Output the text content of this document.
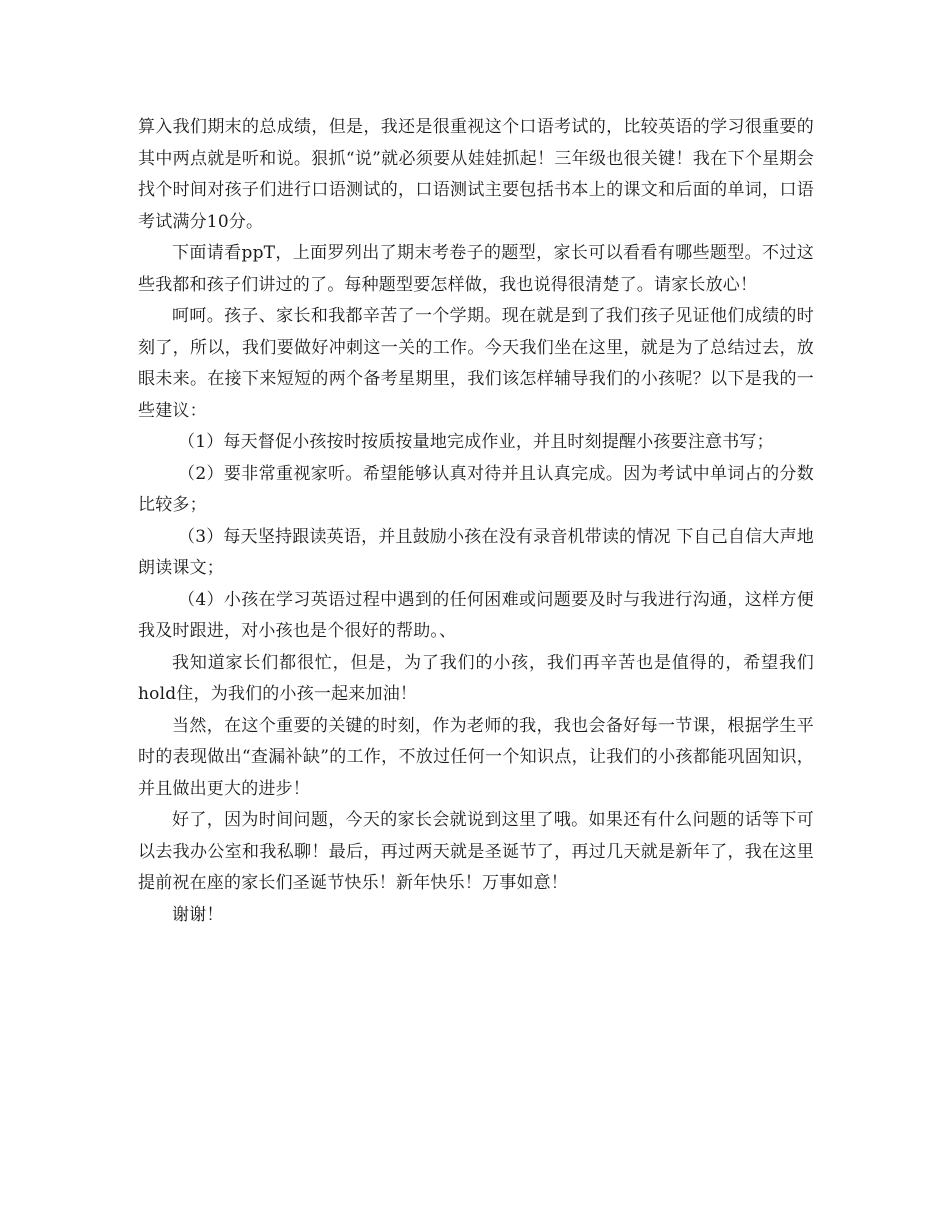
算入我们期末的总成绩，但是，我还是很重视这个口语考试的，比较英语的学习很重要的其中两点就是听和说。狠抓“说”就必须要从娃娃抓起！三年级也很关键！我在下个星期会找个时间对孩子们进行口语测试的，口语测试主要包括书本上的课文和后面的单词，口语考试满分10分。

下面请看ppT，上面罗列出了期末考卷子的题型，家长可以看看有哪些题型。不过这些我都和孩子们讲过的了。每种题型要怎样做，我也说得很清楚了。请家长放心！

呵呵。孩子、家长和我都辛苦了一个学期。现在就是到了我们孩子见证他们成绩的时刻了，所以，我们要做好冲刺这一关的工作。今天我们坐在这里，就是为了总结过去，放眼未来。在接下来短短的两个备考星期里，我们该怎样辅导我们的小孩呢？以下是我的一些建议：

（1）每天督促小孩按时按质按量地完成作业，并且时刻提醒小孩要注意书写；

（2）要非常重视家听。希望能够认真对待并且认真完成。因为考试中单词占的分数比较多；

（3）每天坚持跟读英语，并且鼓励小孩在没有录音机带读的情况 下自己自信大声地朗读课文；

（4）小孩在学习英语过程中遇到的任何困难或问题要及时与我进行沟通，这样方便我及时跟进，对小孩也是个很好的帮助。、

我知道家长们都很忙，但是，为了我们的小孩，我们再辛苦也是值得的，希望我们hold住，为我们的小孩一起来加油！

当然，在这个重要的关键的时刻，作为老师的我，我也会备好每一节课，根据学生平时的表现做出“查漏补缺”的工作，不放过任何一个知识点，让我们的小孩都能巩固知识，并且做出更大的进步！

好了，因为时间问题，今天的家长会就说到这里了哦。如果还有什么问题的话等下可以去我办公室和我私聊！最后，再过两天就是圣诞节了，再过几天就是新年了，我在这里提前祝在座的家长们圣诞节快乐！新年快乐！万事如意！

谢谢！
